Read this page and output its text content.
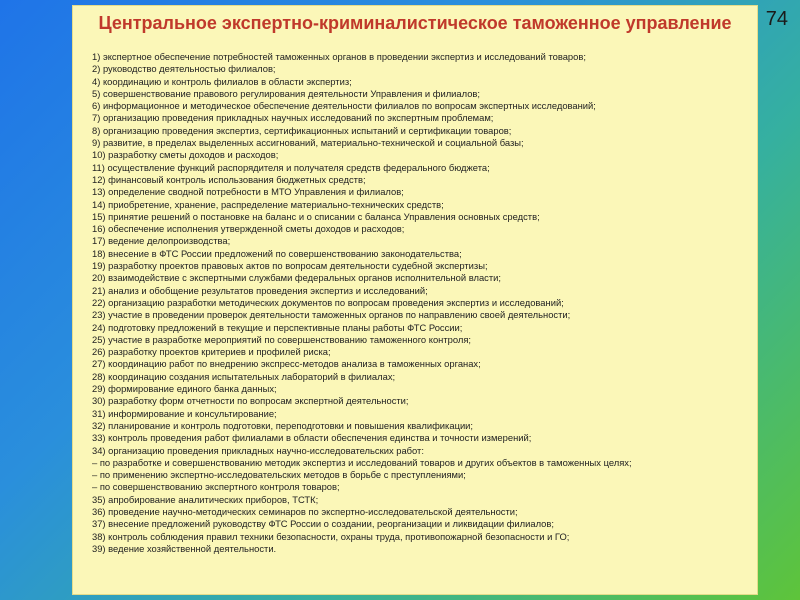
74
Центральное экспертно-криминалистическое таможенное управление
1) экспертное обеспечение потребностей таможенных органов в проведении экспертиз и исследований товаров;
2) руководство деятельностью филиалов;
4) координацию и контроль филиалов в области экспертиз;
5) совершенствование правового регулирования деятельности Управления и филиалов;
6) информационное и методическое обеспечение деятельности филиалов по вопросам экспертных исследований;
7) организацию проведения прикладных научных исследований по экспертным проблемам;
8) организацию проведения экспертиз, сертификационных испытаний и сертификации товаров;
9) развитие, в пределах выделенных ассигнований, материально-технической и социальной базы;
10) разработку сметы доходов и расходов;
11) осуществление функций распорядителя и получателя средств федерального бюджета;
12) финансовый контроль использования бюджетных средств;
13) определение сводной потребности в МТО Управления и филиалов;
14) приобретение, хранение, распределение материально-технических средств;
15) принятие решений о постановке на баланс и о списании с баланса Управления основных средств;
16) обеспечение исполнения утвержденной сметы доходов и расходов;
17) ведение делопроизводства;
18) внесение в ФТС России предложений по совершенствованию законодательства;
19) разработку проектов правовых актов по вопросам деятельности судебной экспертизы;
20) взаимодействие с экспертными службами федеральных органов исполнительной власти;
21) анализ и обобщение результатов проведения экспертиз и исследований;
22) организацию разработки методических документов по вопросам проведения экспертиз и исследований;
23) участие в проведении проверок деятельности таможенных органов по направлению своей деятельности;
24) подготовку предложений в текущие и перспективные планы работы ФТС России;
25) участие в разработке мероприятий по совершенствованию таможенного контроля;
26) разработку проектов критериев и профилей риска;
27) координацию работ по внедрению экспресс-методов анализа в таможенных органах;
28) координацию создания испытательных лабораторий в филиалах;
29) формирование единого банка данных;
30) разработку форм отчетности по вопросам экспертной деятельности;
31) информирование и консультирование;
32) планирование и контроль подготовки, переподготовки и повышения квалификации;
33) контроль проведения работ филиалами в области обеспечения единства и точности измерений;
34) организацию проведения прикладных научно-исследовательских работ:
– по разработке и совершенствованию методик экспертиз и исследований товаров и других объектов в таможенных целях;
– по применению экспертно-исследовательских методов в борьбе с преступлениями;
– по совершенствованию экспертного контроля товаров;
35) апробирование аналитических приборов, ТСТК;
36) проведение научно-методических семинаров по экспертно-исследовательской деятельности;
37) внесение предложений руководству ФТС России о создании, реорганизации и ликвидации филиалов;
38) контроль соблюдения правил техники безопасности, охраны труда, противопожарной безопасности и ГО;
39) ведение хозяйственной деятельности.
